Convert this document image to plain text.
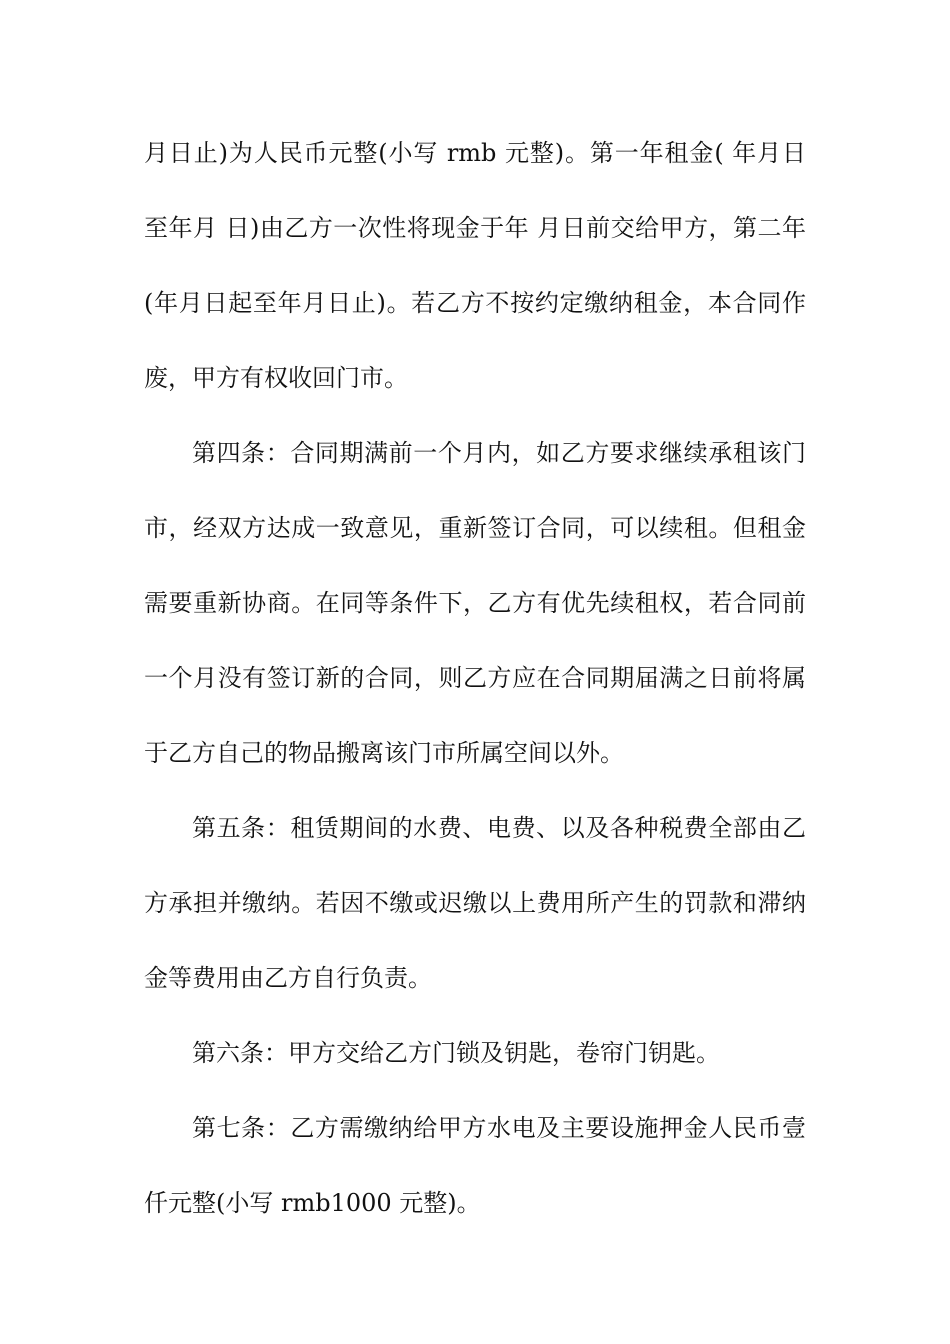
月日止)为人民币元整(小写 rmb 元整)。第一年租金( 年月日
至年月 日)由乙方一次性将现金于年 月日前交给甲方，第二年
(年月日起至年月日止)。若乙方不按约定缴纳租金，本合同作
废，甲方有权收回门市。
第四条：合同期满前一个月内，如乙方要求继续承租该门
市，经双方达成一致意见，重新签订合同，可以续租。但租金
需要重新协商。在同等条件下，乙方有优先续租权，若合同前
一个月没有签订新的合同，则乙方应在合同期届满之日前将属
于乙方自己的物品搬离该门市所属空间以外。
第五条：租赁期间的水费、电费、以及各种税费全部由乙
方承担并缴纳。若因不缴或迟缴以上费用所产生的罚款和滞纳
金等费用由乙方自行负责。
第六条：甲方交给乙方门锁及钥匙，卷帘门钥匙。
第七条：乙方需缴纳给甲方水电及主要设施押金人民币壹
仟元整(小写 rmb1000 元整)。
